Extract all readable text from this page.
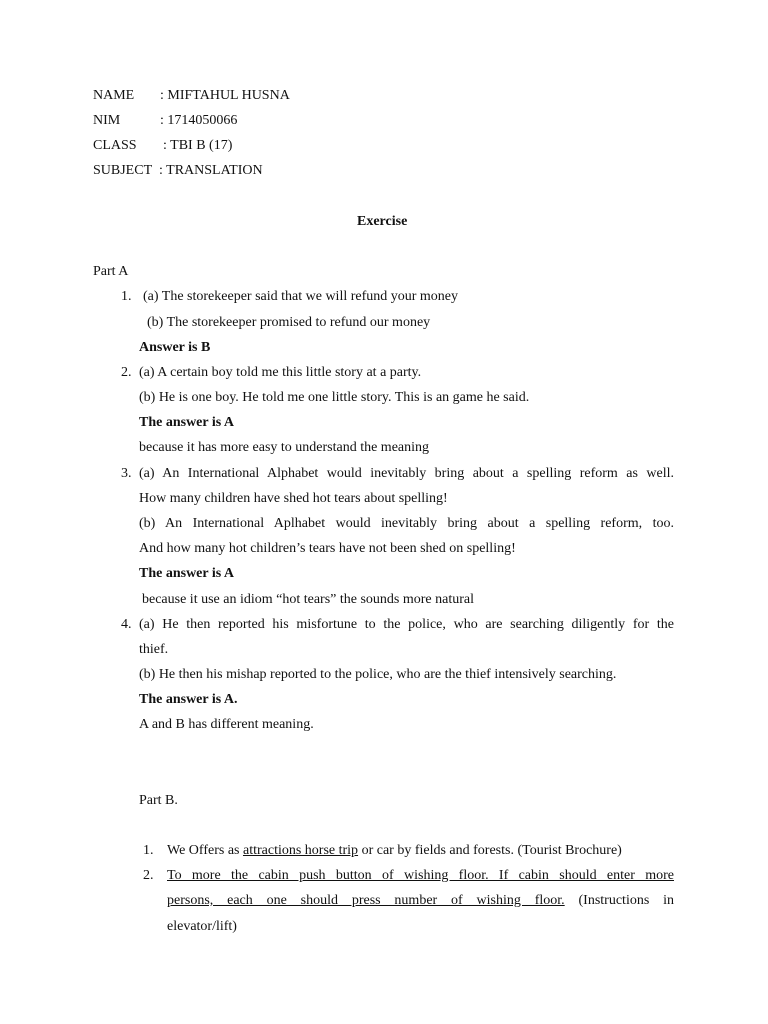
NAME : MIFTAHUL HUSNA
NIM	: 1714050066
CLASS : TBI B (17)
SUBJECT : TRANSLATION
Exercise
Part A
1. (a) The storekeeper said that we will refund your money
(b) The storekeeper promised to refund our money
Answer is B
2. (a) A certain boy told me this little story at a party.
(b) He is one boy. He told me one little story. This is an game he said.
The answer is A
because it has more easy to understand the meaning
3. (a) An International Alphabet would inevitably bring about a spelling reform as well.
How many children have shed hot tears about spelling!
(b) An International Aplhabet would inevitably bring about a spelling reform, too.
And how many hot children’s tears have not been shed on spelling!
The answer is A
because it use an idiom “hot tears” the sounds more natural
4. (a) He then reported his misfortune to the police, who are searching diligently for the
thief.
(b) He then his mishap reported to the police, who are the thief intensively searching.
The answer is A.
A and B has different meaning.
Part B.
1. We Offers as attractions horse trip or car by fields and forests. (Tourist Brochure)
2. To more the cabin push button of wishing floor. If cabin should enter more
persons, each one should press number of wishing floor. (Instructions in
elevator/lift)
